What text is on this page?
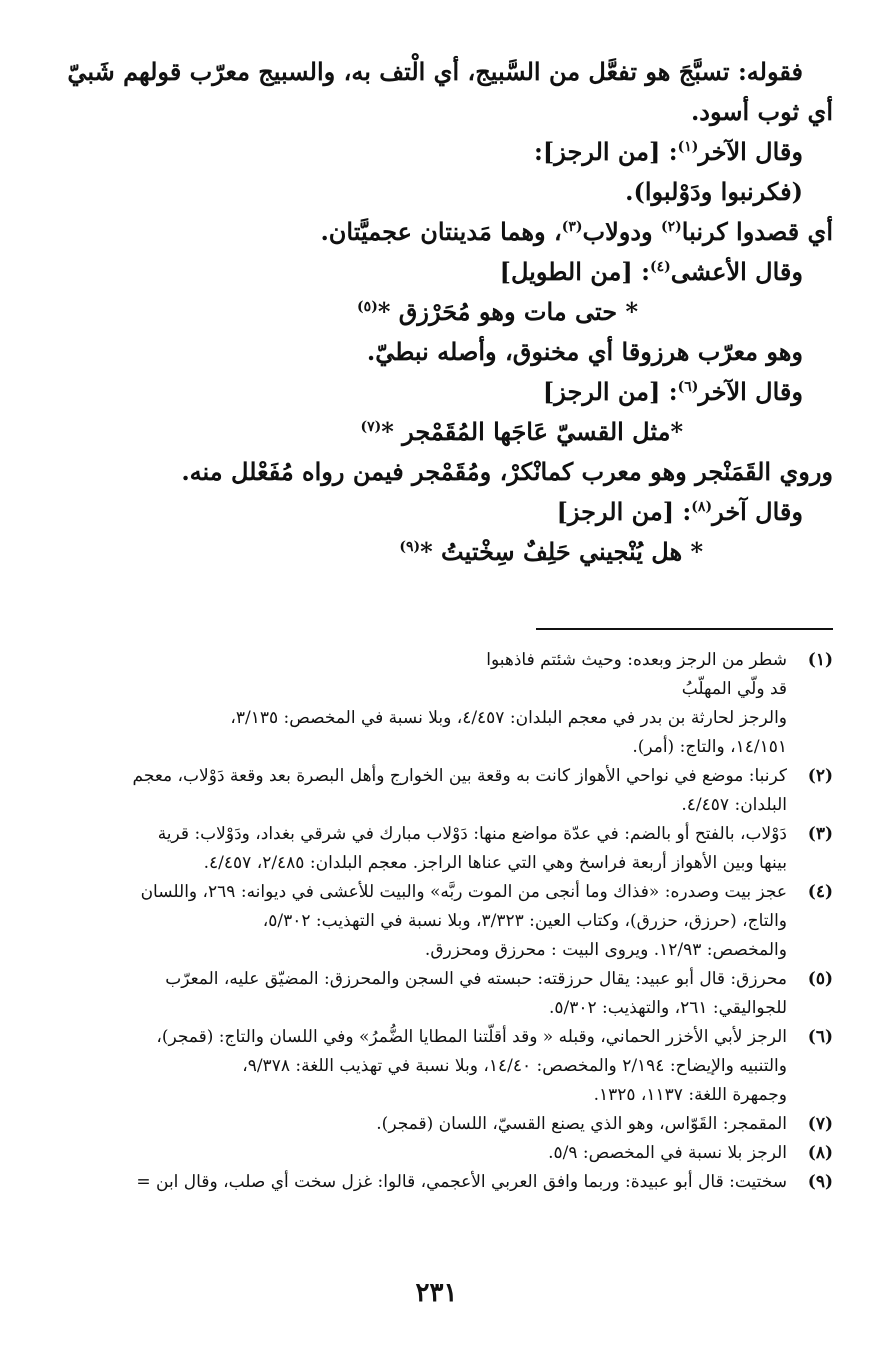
فقوله: تسبَّجَ هو تفعَّل من السَّبيج، أي الْتف به، والسبيج معرّب قولهم شَبيّ أي ثوب أسود.
وقال الآخر$^{(١)}$: [من الرجز]:
(فكرنبوا ودَوْلبوا).
أي قصدوا كرنبا$^{(٢)}$ ودولاب$^{(٣)}$، وهما مَدينتان عجميَّتان.
وقال الأعشى$^{(٤)}$: [من الطويل]
* حتى مات وهو مُحَرْزق *$^{(٥)}$
وهو معرّب هرزوقا أي مخنوق، وأصله نبطيّ.
وقال الآخر$^{(٦)}$: [من الرجز]
*مثل القسيّ عَاجَها المُقَمْجر *$^{(٧)}$
وروي القَمَنْجر وهو معرب كمانْكرْ، ومُقَمْجر فيمن رواه مُفَعْلل منه.
وقال آخر$^{(٨)}$: [من الرجز]
* هل يُنْجيني حَلِفٌ سِخْتيتُ *$^{(٩)}$
(١)
شطر من الرجز وبعده: وحيث شئتم فاذهبوا
قد ولّي المهلّبُ
والرجز لحارثة بن بدر في معجم البلدان: ٤/٤٥٧، وبلا نسبة في المخصص: ٣/١٣٥،
١٤/١٥١، والتاج: (أمر).
(٢)
كرنبا: موضع في نواحي الأهواز كانت به وقعة بين الخوارج وأهل البصرة بعد وقعة دَوْلاب، معجم
البلدان: ٤/٤٥٧.
(٣)
دَوْلاب، بالفتح أو بالضم: في عدّة مواضع منها: دَوْلاب مبارك في شرقي بغداد، ودَوْلاب: قرية
بينها وبين الأهواز أربعة فراسخ وهي التي عناها الراجز. معجم البلدان: ٢/٤٨٥، ٤/٤٥٧.
(٤)
عجز بيت وصدره: «فذاك وما أنجى من الموت ربَّه» والبيت للأعشى في ديوانه: ٢٦٩، واللسان
والتاج، (حرزق، حزرق)، وكتاب العين: ٣/٣٢٣، وبلا نسبة في التهذيب: ٥/٣٠٢،
والمخصص: ١٢/٩٣. ويروى البيت : محرزق ومحزرق.
(٥)
محرزق: قال أبو عبيد: يقال حرزقته: حبسته في السجن والمحرزق: المضيّق عليه، المعرّب
للجواليقي: ٢٦١، والتهذيب: ٥/٣٠٢.
(٦)
الرجز لأبي الأخزر الحماني، وقبله « وقد أقلّتنا المطايا الضُّمرُ» وفي اللسان والتاج: (قمجر)،
والتنبيه والإيضاح: ٢/١٩٤ والمخصص: ١٤/٤٠، وبلا نسبة في تهذيب اللغة: ٩/٣٧٨،
وجمهرة اللغة: ١١٣٧، ١٣٢٥.
(٧)
المقمجر: القَوّاس، وهو الذي يصنع القسيّ، اللسان (قمجر).
(٨)
الرجز بلا نسبة في المخصص: ٥/٩.
(٩)
سختيت: قال أبو عبيدة: وربما وافق العربي الأعجمي، قالوا: غزل سخت أي صلب، وقال ابن =
٢٣١
